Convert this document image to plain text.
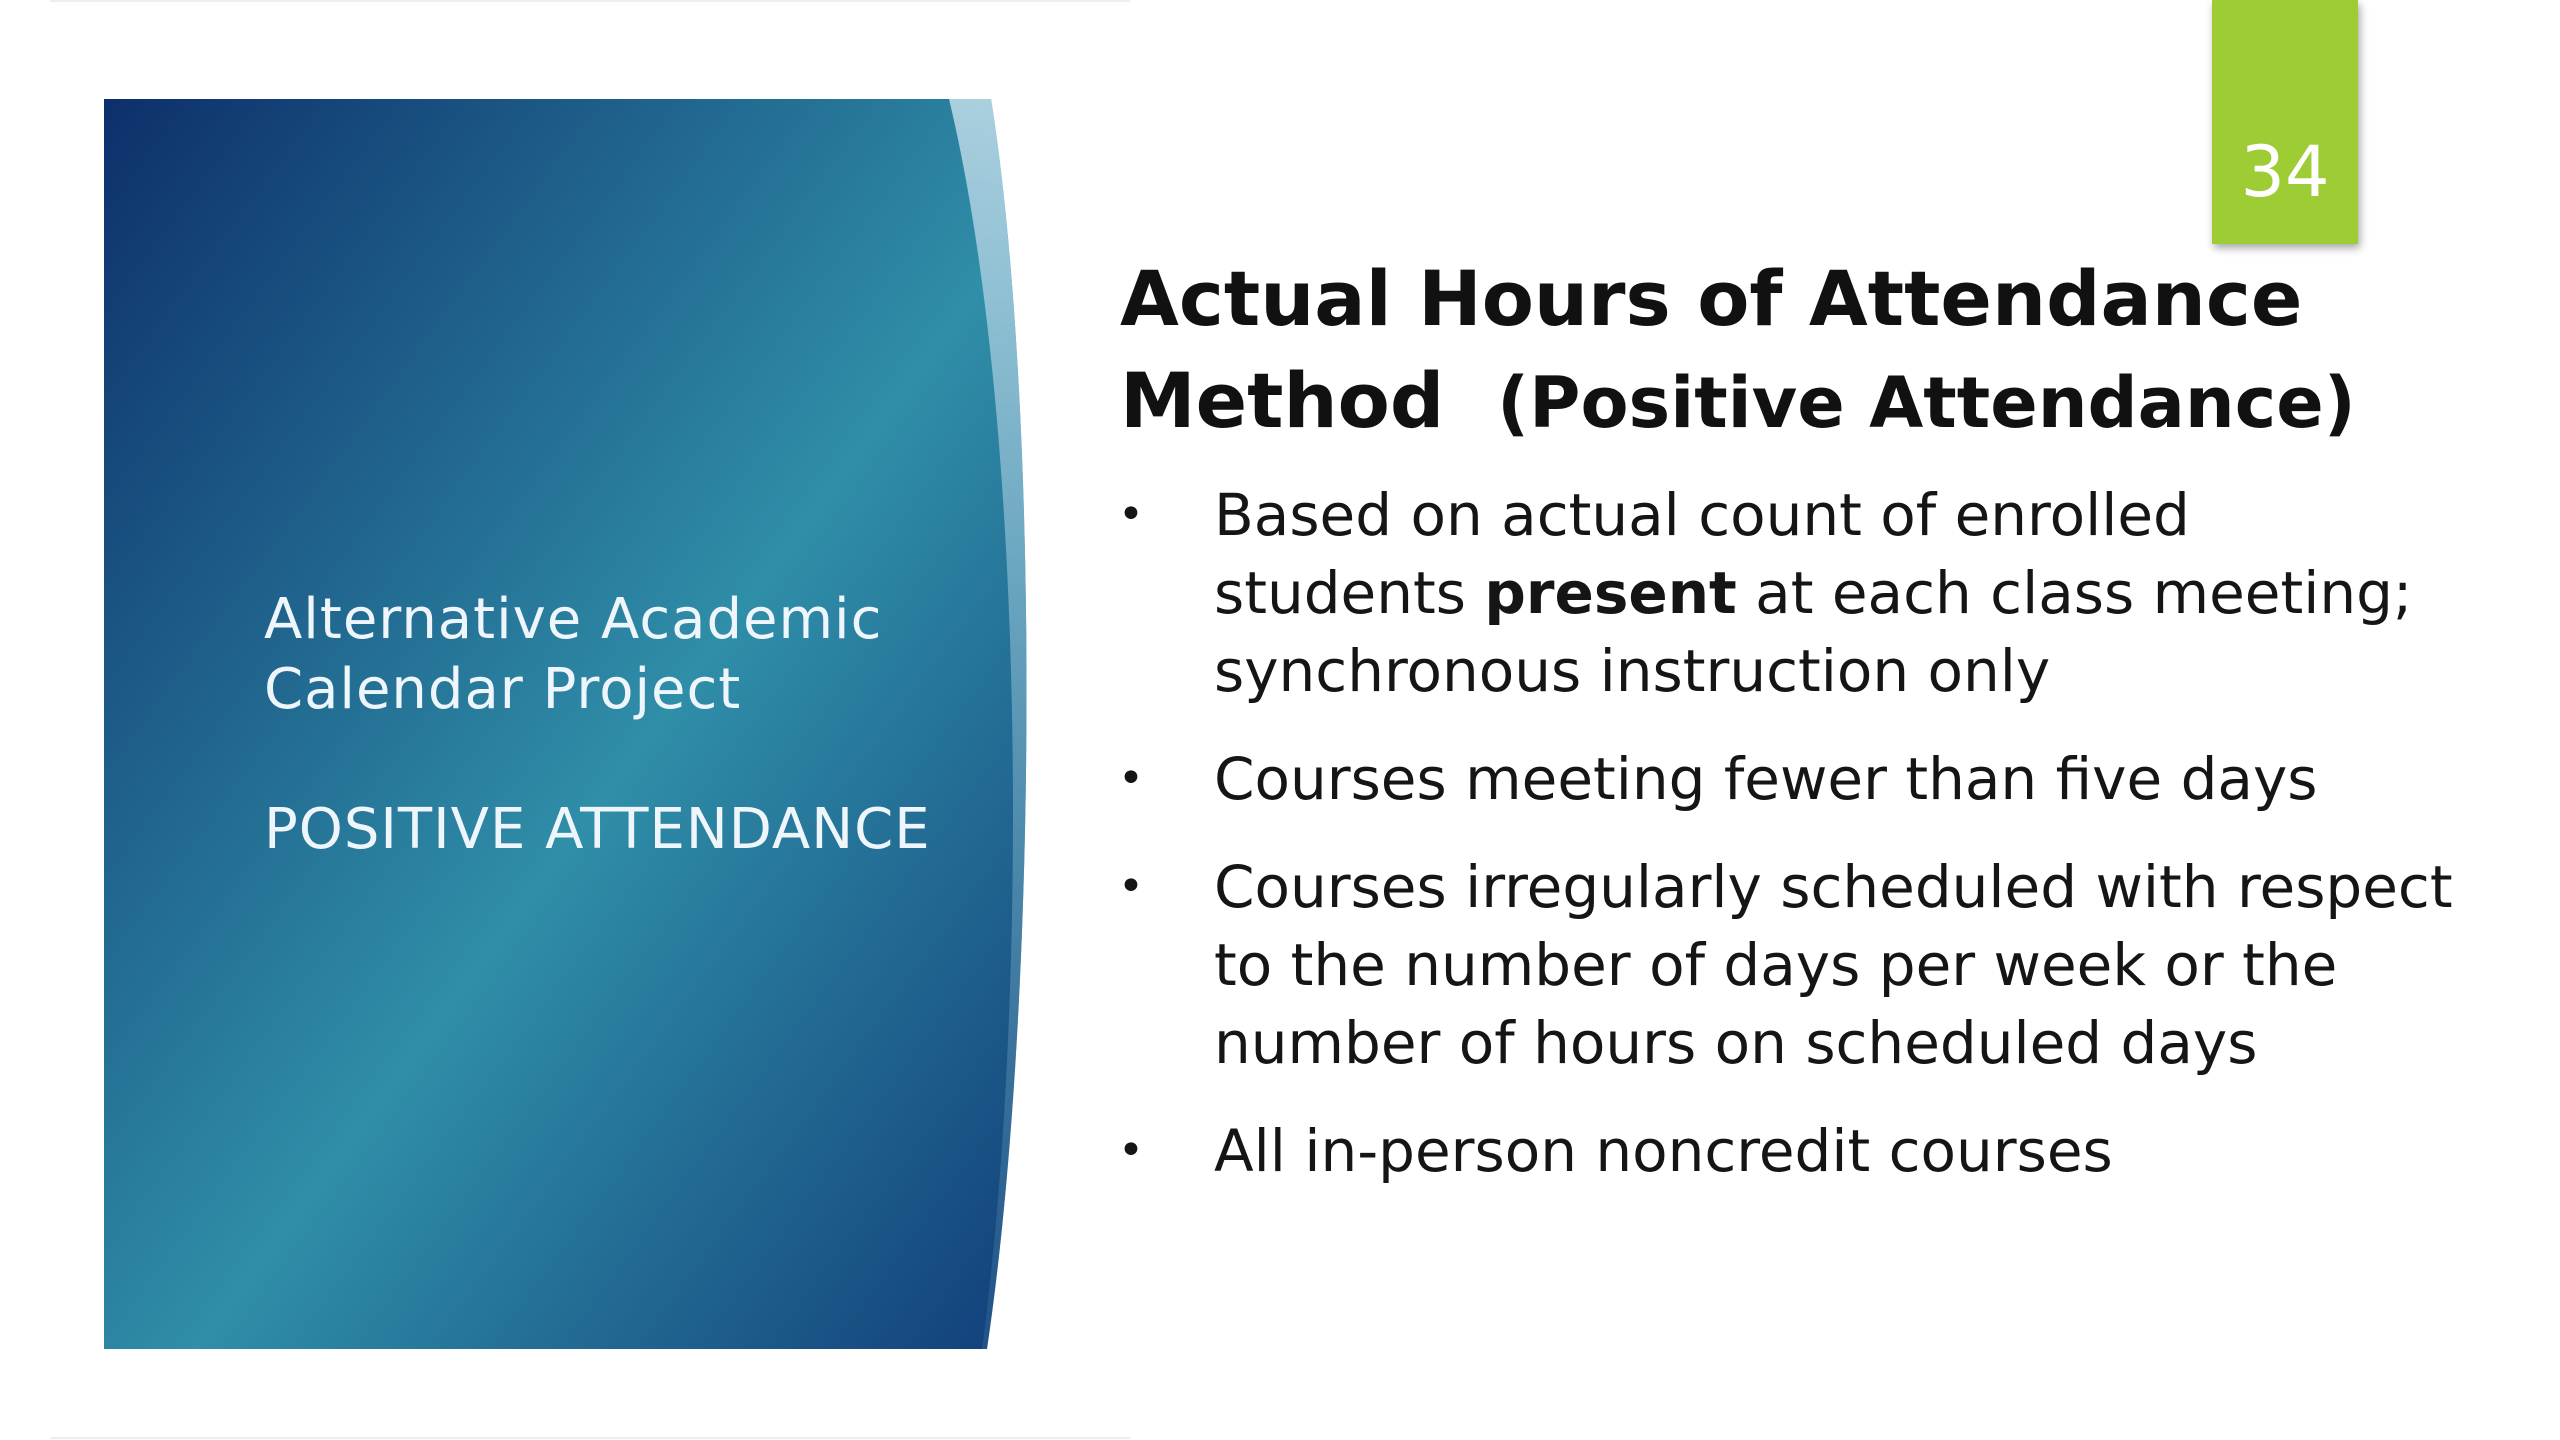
Alternative Academic
Calendar Project
POSITIVE ATTENDANCE
34
Actual Hours of Attendance
Method (Positive Attendance)
• Based on actual count of enrolled
students present at each class meeting;
synchronous instruction only
• Courses meeting fewer than five days
• Courses irregularly scheduled with respect
to the number of days per week or the
number of hours on scheduled days
• All in-person noncredit courses
